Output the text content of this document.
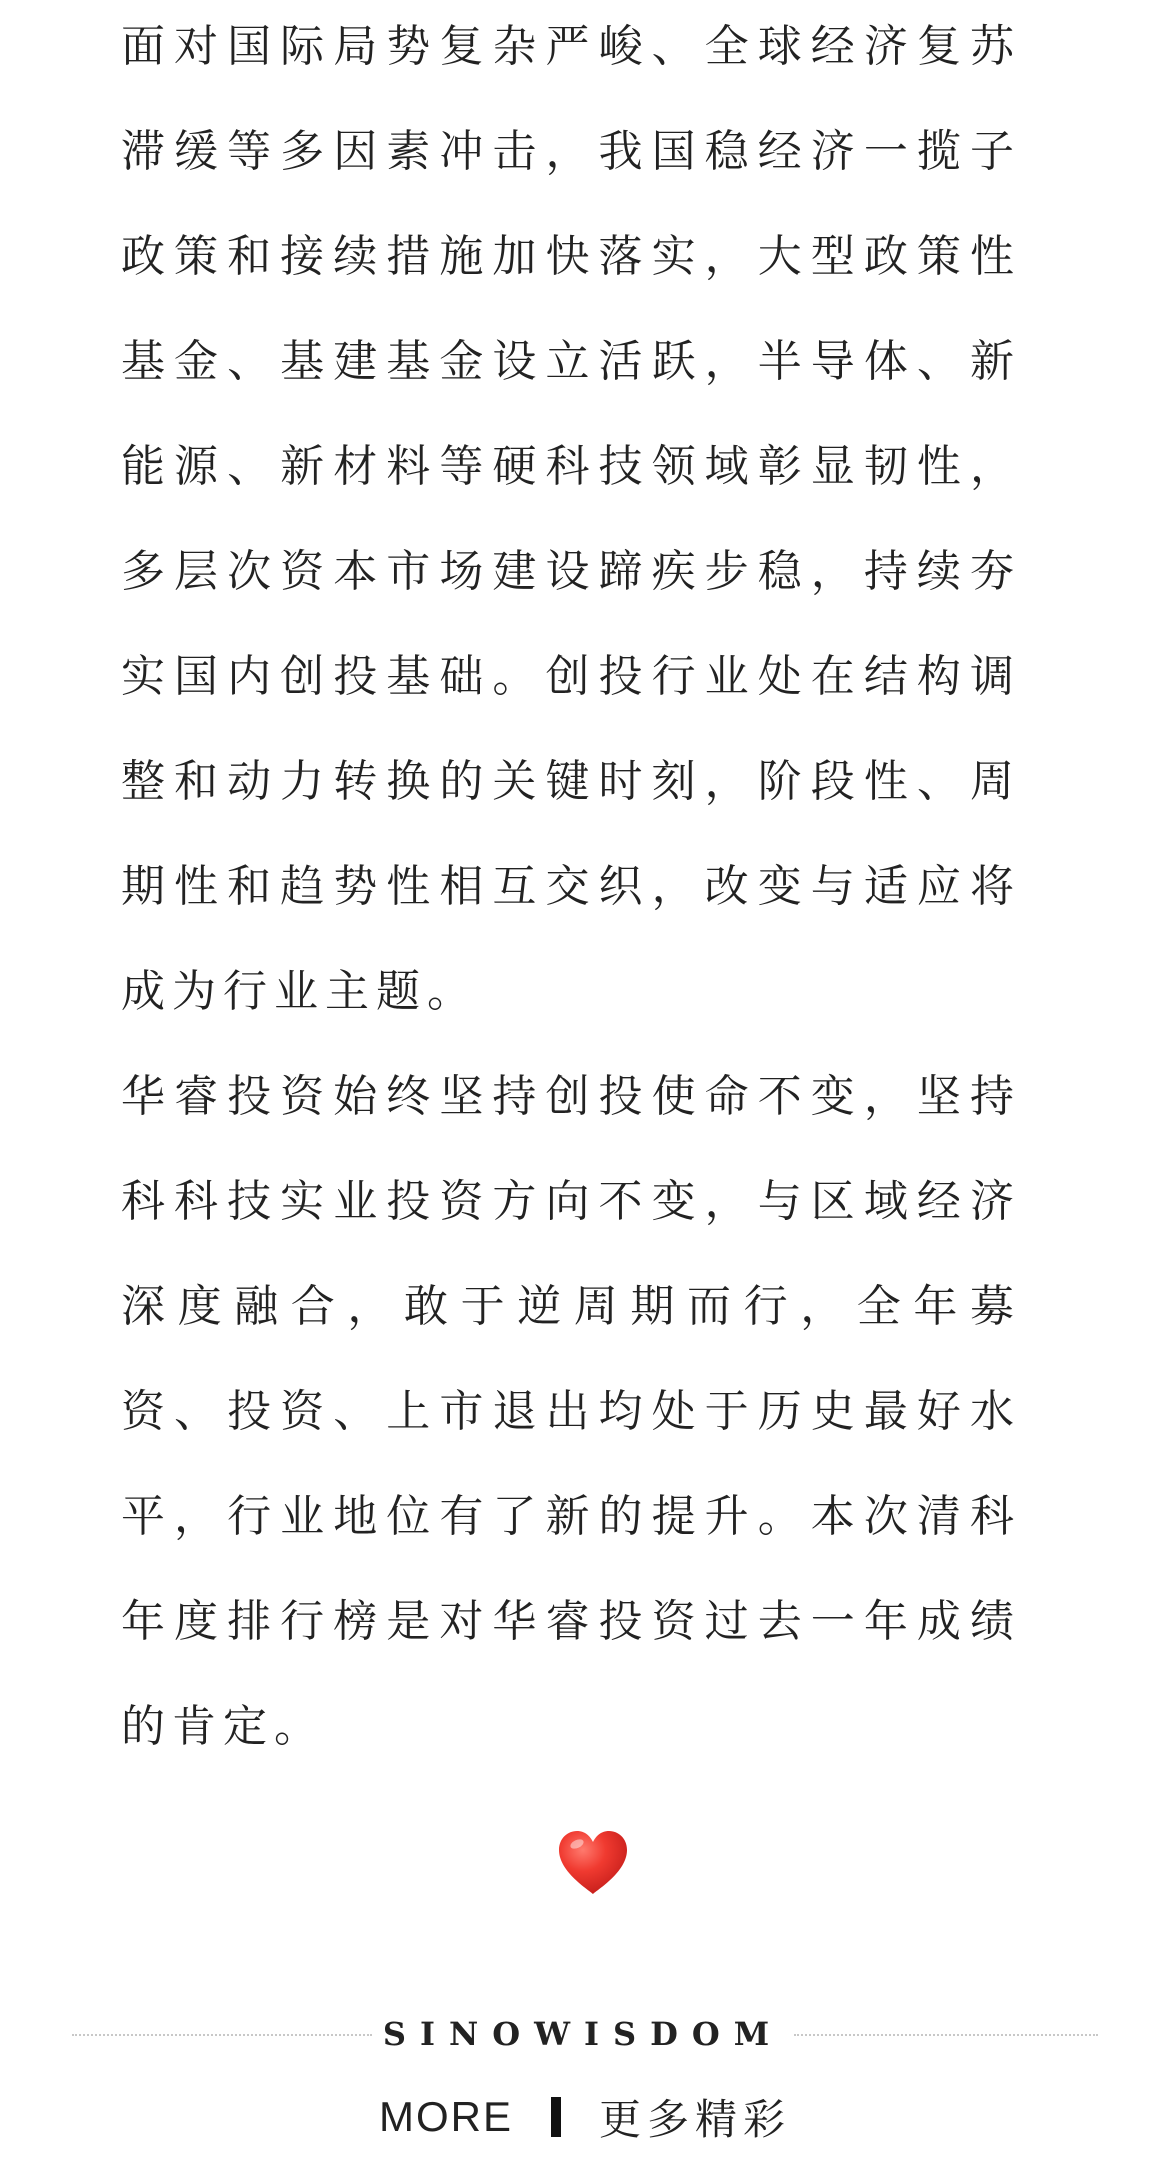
面对国际局势复杂严峻、全球经济复苏滞缓等多因素冲击，我国稳经济一揽子政策和接续措施加快落实，大型政策性基金、基建基金设立活跃，半导体、新能源、新材料等硬科技领域彰显韧性，多层次资本市场建设蹄疾步稳，持续夯实国内创投基础。创投行业处在结构调整和动力转换的关键时刻，阶段性、周期性和趋势性相互交织，改变与适应将成为行业主题。

华睿投资始终坚持创投使命不变，坚持科科技实业投资方向不变，与区域经济深度融合，敢于逆周期而行，全年募资、投资、上市退出均处于历史最好水平，行业地位有了新的提升。本次清科年度排行榜是对华睿投资过去一年成绩的肯定。

SINOWISDOM
MORE 更多精彩
